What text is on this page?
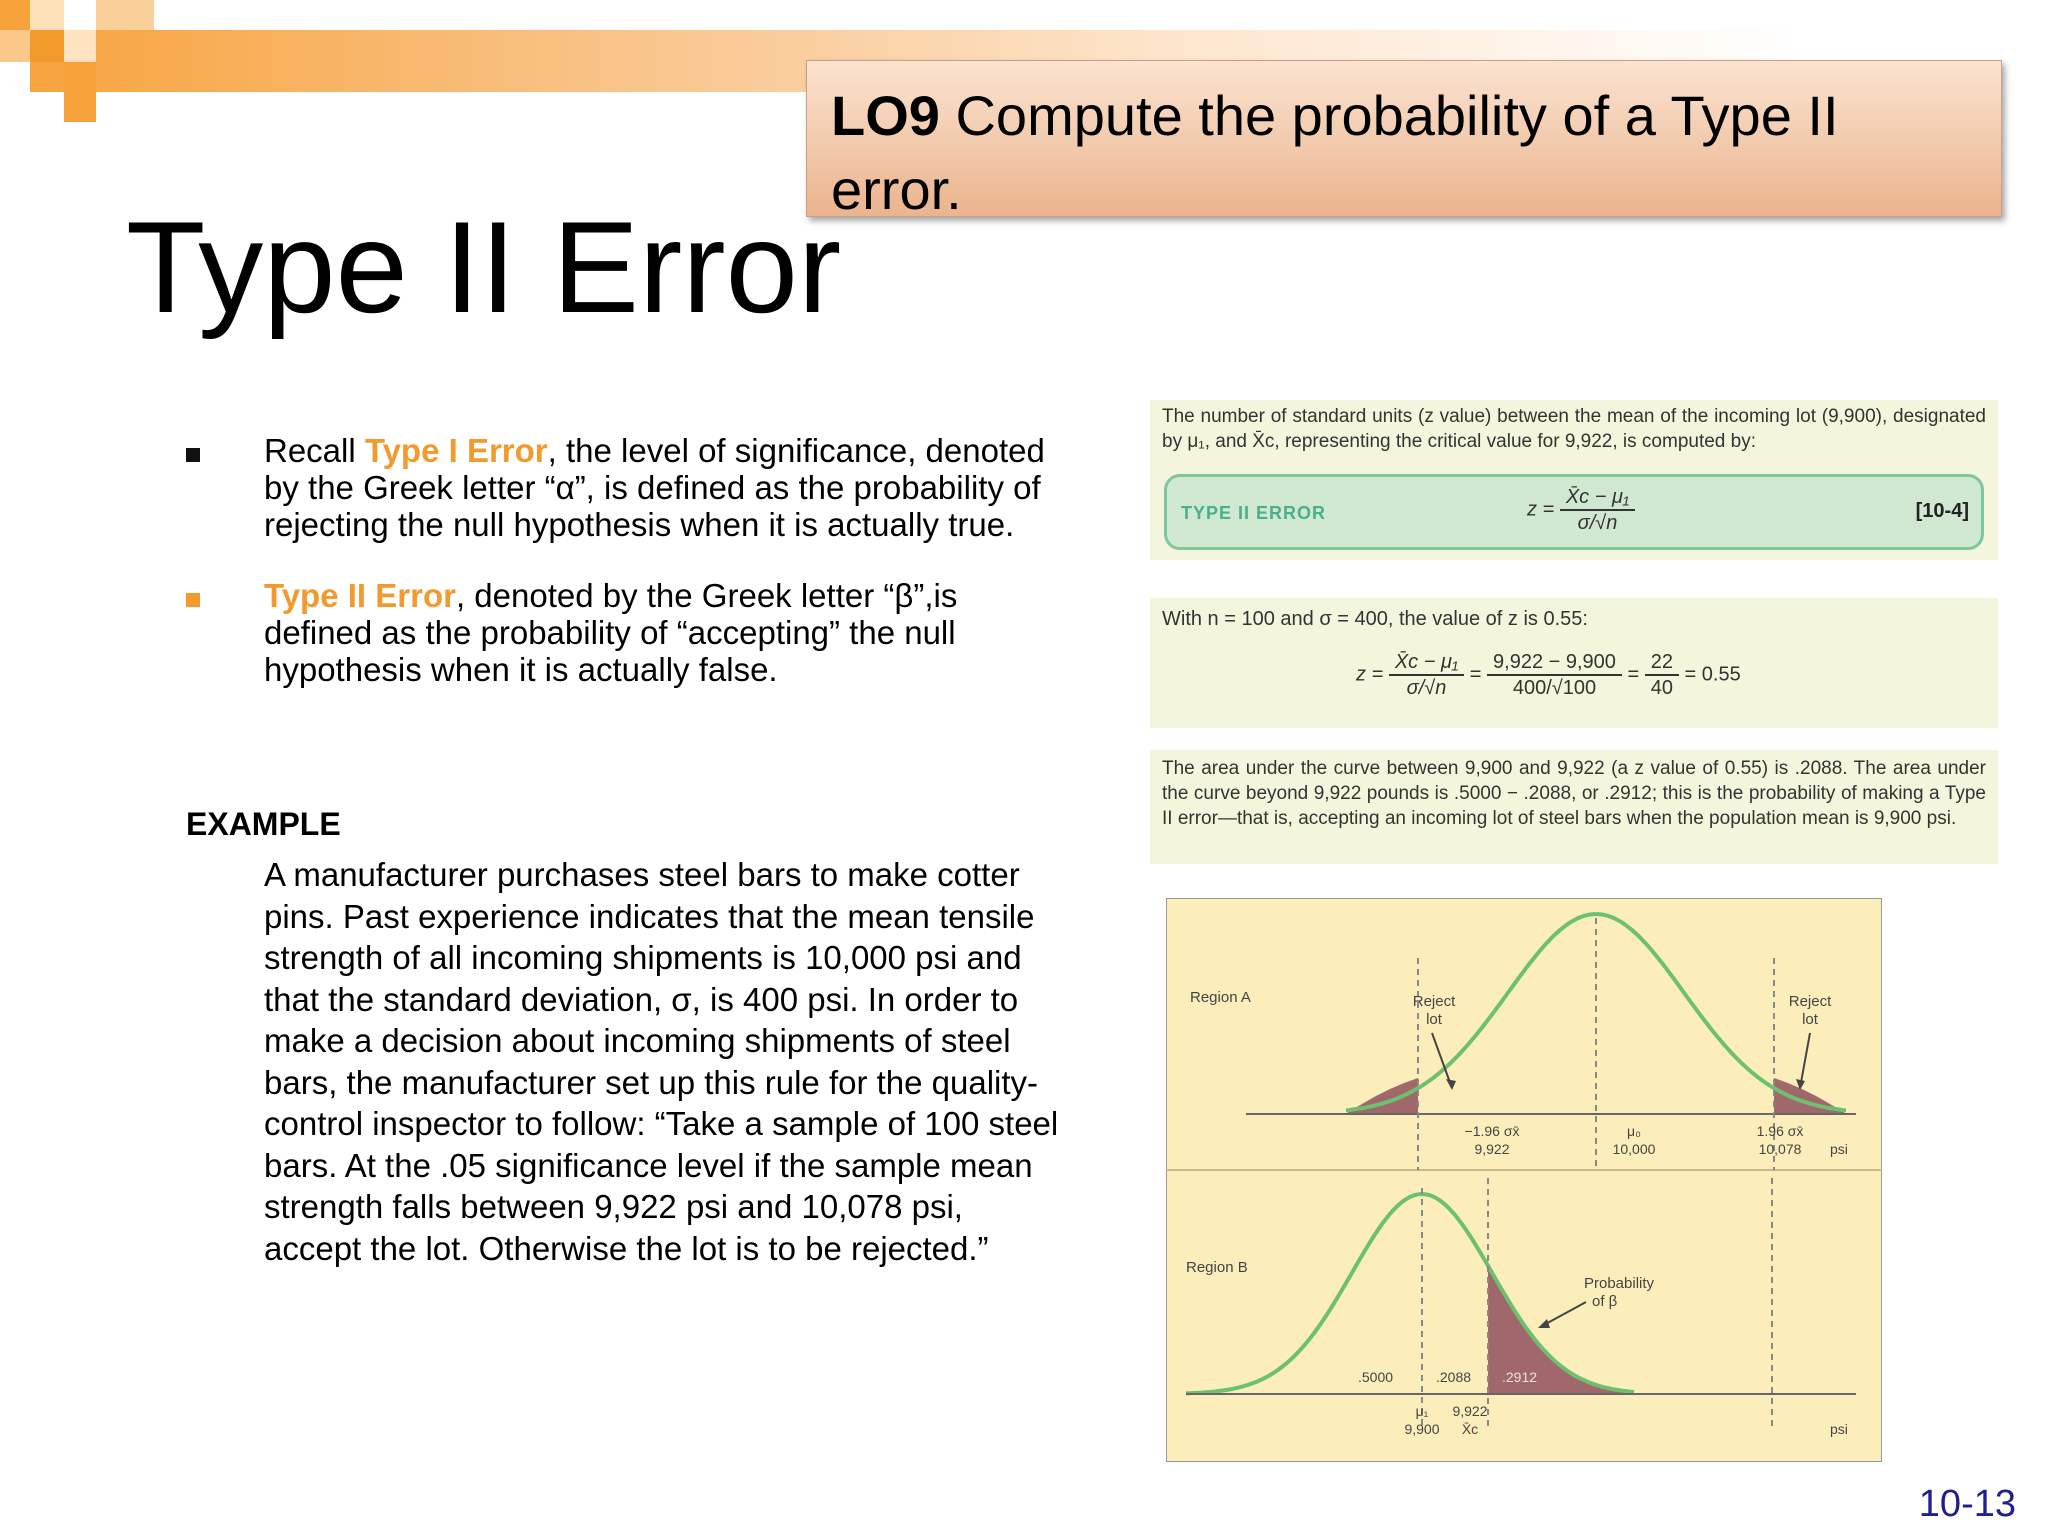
LO9 Compute the probability of a Type II error.
Type II Error
Recall Type I Error, the level of significance, denoted by the Greek letter “α”, is defined as the probability of rejecting the null hypothesis when it is actually true.
Type II Error, denoted by the Greek letter “β”,is defined as the probability of “accepting” the null hypothesis when it is actually false.
EXAMPLE
A manufacturer purchases steel bars to make cotter pins. Past experience indicates that the mean tensile strength of all incoming shipments is 10,000 psi and that the standard deviation, σ, is 400 psi. In order to make a decision about incoming shipments of steel bars, the manufacturer set up this rule for the quality-control inspector to follow: “Take a sample of 100 steel bars. At the .05 significance level if the sample mean strength falls between 9,922 psi and 10,078 psi, accept the lot. Otherwise the lot is to be rejected.”
The number of standard units (z value) between the mean of the incoming lot (9,900), designated by μ₁, and X̄c, representing the critical value for 9,922, is computed by:
TYPE II ERROR	$z = \frac{\text{X̄c − μ₁}}{\sigma/√n}$	[10-4]
With n = 100 and σ = 400, the value of z is 0.55:
$z = \frac{\text{X̄c − μ₁}}{\sigma/√n} = \frac{9,922 - 9,900}{400/√100} = \frac{22}{40} = 0.55$
The area under the curve between 9,900 and 9,922 (a z value of 0.55) is .2088. The area under the curve beyond 9,922 pounds is .5000 − .2088, or .2912; this is the probability of making a Type II error—that is, accepting an incoming lot of steel bars when the population mean is 9,900 psi.
Region A	Reject
lot
Reject
lot
−1.96 σx̄
9,922
μ₀
10,000
1.96 σx̄
10,078 psi
Region B
Probability
of β
.5000	.2088 .2912
μ₁
9,900
9,922
X̄c	psi
10-13
